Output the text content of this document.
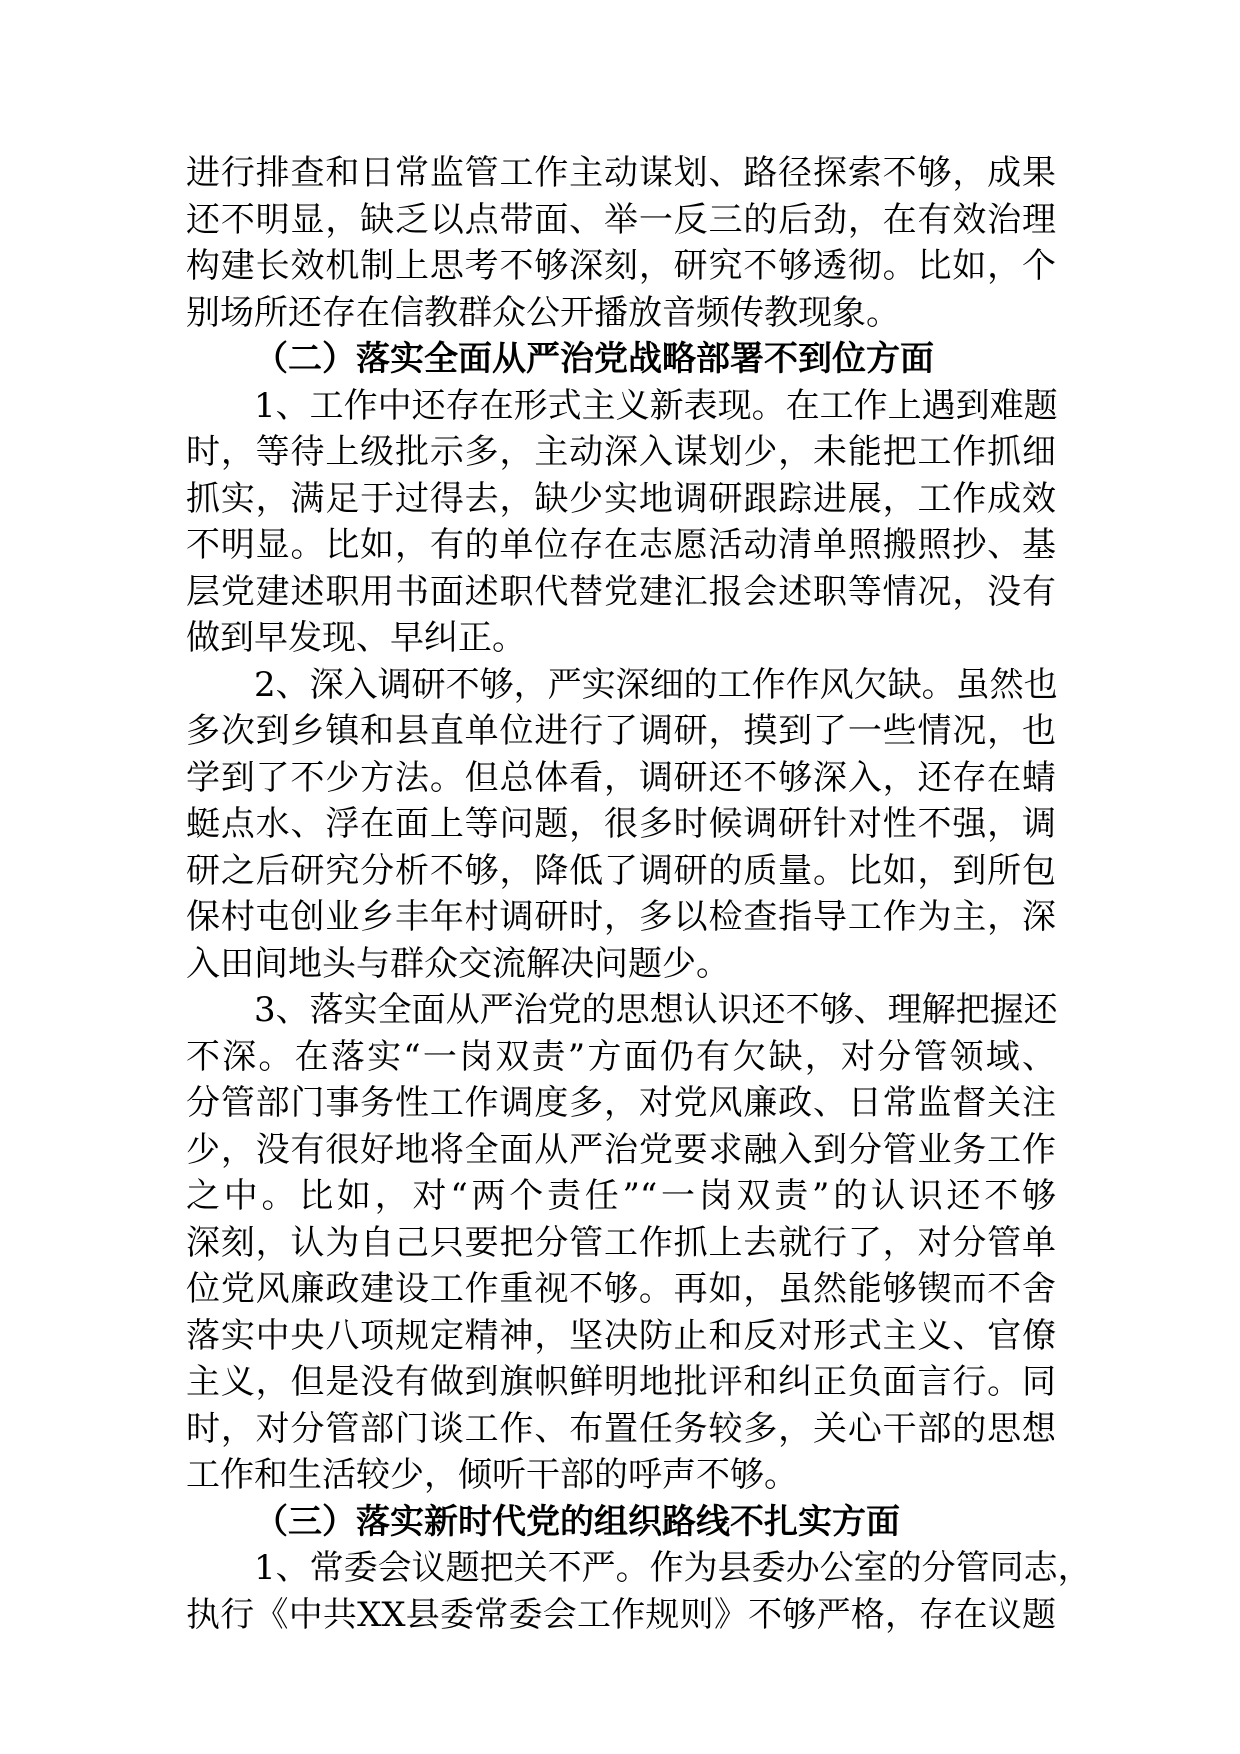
进行排查和日常监管工作主动谋划、路径探索不够，成果
还不明显，缺乏以点带面、举一反三的后劲，在有效治理
构建长效机制上思考不够深刻，研究不够透彻。比如，个
别场所还存在信教群众公开播放音频传教现象。
（二）落实全面从严治党战略部署不到位方面
1、工作中还存在形式主义新表现。在工作上遇到难题
时，等待上级批示多，主动深入谋划少，未能把工作抓细
抓实，满足于过得去，缺少实地调研跟踪进展，工作成效
不明显。比如，有的单位存在志愿活动清单照搬照抄、基
层党建述职用书面述职代替党建汇报会述职等情况，没有
做到早发现、早纠正。
2、深入调研不够，严实深细的工作作风欠缺。虽然也
多次到乡镇和县直单位进行了调研，摸到了一些情况，也
学到了不少方法。但总体看，调研还不够深入，还存在蜻
蜓点水、浮在面上等问题，很多时候调研针对性不强，调
研之后研究分析不够，降低了调研的质量。比如，到所包
保村屯创业乡丰年村调研时，多以检查指导工作为主，深
入田间地头与群众交流解决问题少。
3、落实全面从严治党的思想认识还不够、理解把握还
不深。在落实“一岗双责”方面仍有欠缺，对分管领域、
分管部门事务性工作调度多，对党风廉政、日常监督关注
少，没有很好地将全面从严治党要求融入到分管业务工作
之中。比如，对“两个责任”“一岗双责”的认识还不够
深刻，认为自己只要把分管工作抓上去就行了，对分管单
位党风廉政建设工作重视不够。再如，虽然能够锲而不舍
落实中央八项规定精神，坚决防止和反对形式主义、官僚
主义，但是没有做到旗帜鲜明地批评和纠正负面言行。同
时，对分管部门谈工作、布置任务较多，关心干部的思想
工作和生活较少，倾听干部的呼声不够。
（三）落实新时代党的组织路线不扎实方面
1、常委会议题把关不严。作为县委办公室的分管同志，
执行《中共XX县委常委会工作规则》不够严格，存在议题
